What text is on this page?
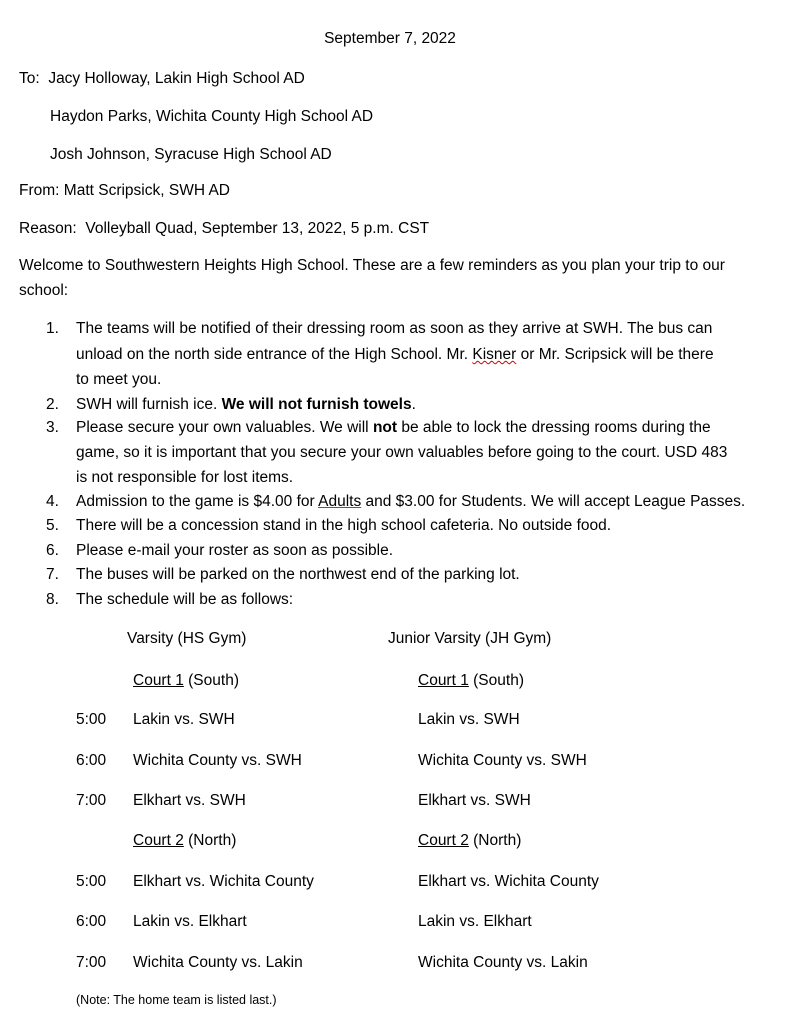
September 7, 2022
To: Jacy Holloway, Lakin High School AD
Haydon Parks, Wichita County High School AD
Josh Johnson, Syracuse High School AD
From: Matt Scripsick, SWH AD
Reason: Volleyball Quad, September 13, 2022, 5 p.m. CST
Welcome to Southwestern Heights High School. These are a few reminders as you plan your trip to our
school:
1. The teams will be notified of their dressing room as soon as they arrive at SWH. The bus can
unload on the north side entrance of the High School. Mr. Kisner or Mr. Scripsick will be there
to meet you.
2. SWH will furnish ice. We will not furnish towels.
3. Please secure your own valuables. We will not be able to lock the dressing rooms during the
game, so it is important that you secure your own valuables before going to the court. USD 483
is not responsible for lost items.
4. Admission to the game is $4.00 for Adults and $3.00 for Students. We will accept League Passes.
5. There will be a concession stand in the high school cafeteria. No outside food.
6. Please e-mail your roster as soon as possible.
7. The buses will be parked on the northwest end of the parking lot.
8. The schedule will be as follows:
Varsity (HS Gym)	Junior Varsity (JH Gym)
Court 1 (South)	Court 1 (South)
5:00 Lakin vs. SWH	Lakin vs. SWH
6:00 Wichita County vs. SWH	Wichita County vs. SWH
7:00 Elkhart vs. SWH	Elkhart vs. SWH
Court 2 (North)	Court 2 (North)
5:00 Elkhart vs. Wichita County	Elkhart vs. Wichita County
6:00 Lakin vs. Elkhart	Lakin vs. Elkhart
7:00 Wichita County vs. Lakin	Wichita County vs. Lakin
(Note: The home team is listed last.)
